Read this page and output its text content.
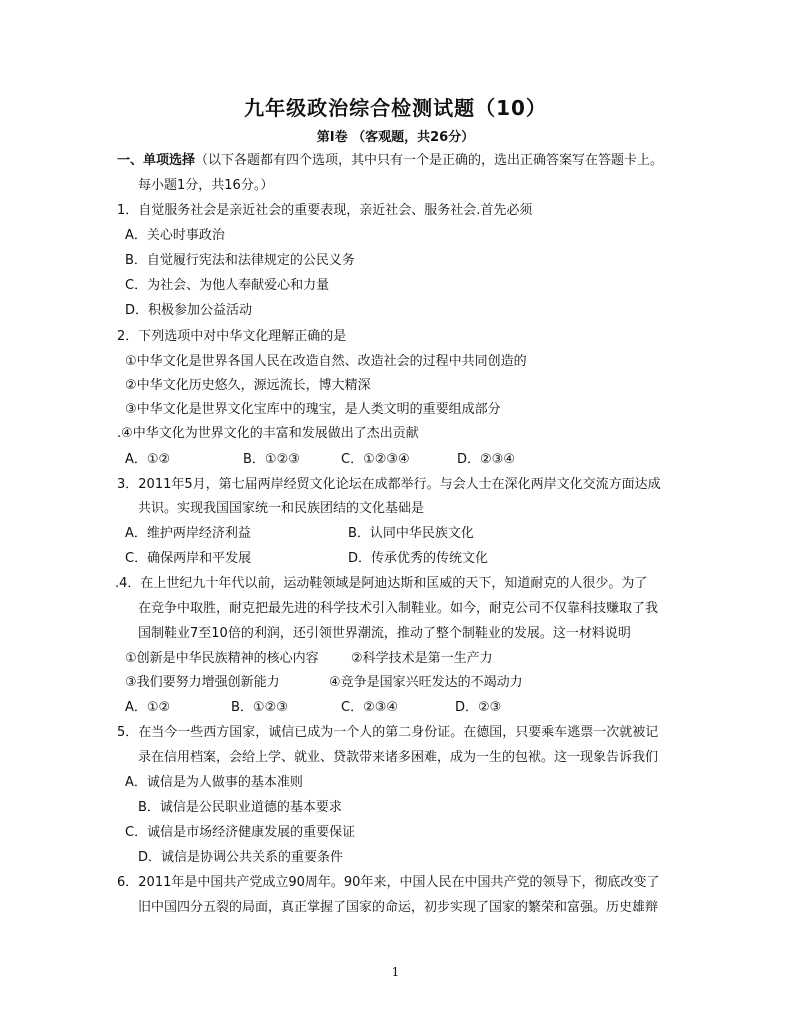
九年级政治综合检测试题（10）
第Ⅰ卷 （客观题，共26分）
一、单项选择（以下各题都有四个选项，其中只有一个是正确的，选出正确答案写在答题卡上。
每小题1分，共16分。）
1．自觉服务社会是亲近社会的重要表现，亲近社会、服务社会.首先必须
A．关心时事政治
B．自觉履行宪法和法律规定的公民义务
C．为社会、为他人奉献爱心和力量
D．积极参加公益活动
2．下列选项中对中华文化理解正确的是
①中华文化是世界各国人民在改造自然、改造社会的过程中共同创造的
②中华文化历史悠久，源远流长，博大精深
③中华文化是世界文化宝库中的瑰宝，是人类文明的重要组成部分
.④中华文化为世界文化的丰富和发展做出了杰出贡献
A．①②	B．①②③	C．①②③④	D．②③④
3．2011年5月，第七届两岸经贸文化论坛在成都举行。与会人士在深化两岸文化交流方面达成
共识。实现我国国家统一和民族团结的文化基础是
A．维护两岸经济利益	B．认同中华民族文化
C．确保两岸和平发展	D．传承优秀的传统文化
.4．在上世纪九十年代以前，运动鞋领域是阿迪达斯和匡威的天下，知道耐克的人很少。为了
在竞争中取胜，耐克把最先进的科学技术引入制鞋业。如今，耐克公司不仅靠科技赚取了我
国制鞋业7至10倍的利润，还引领世界潮流，推动了整个制鞋业的发展。这一材料说明
①创新是中华民族精神的核心内容 ②科学技术是第一生产力
③我们要努力增强创新能力	④竞争是国家兴旺发达的不竭动力
A．①②	B．①②③	C．②③④	D．②③
5．在当今一些西方国家，诚信已成为一个人的第二身份证。在德国，只要乘车逃票一次就被记
录在信用档案，会给上学、就业、贷款带来诸多困难，成为一生的包袱。这一现象告诉我们
A．诚信是为人做事的基本准则
B．诚信是公民职业道德的基本要求
C．诚信是市场经济健康发展的重要保证
D．诚信是协调公共关系的重要条件
6．2011年是中国共产党成立90周年。90年来，中国人民在中国共产党的领导下，彻底改变了
旧中国四分五裂的局面，真正掌握了国家的命运，初步实现了国家的繁荣和富强。历史雄辩
1
